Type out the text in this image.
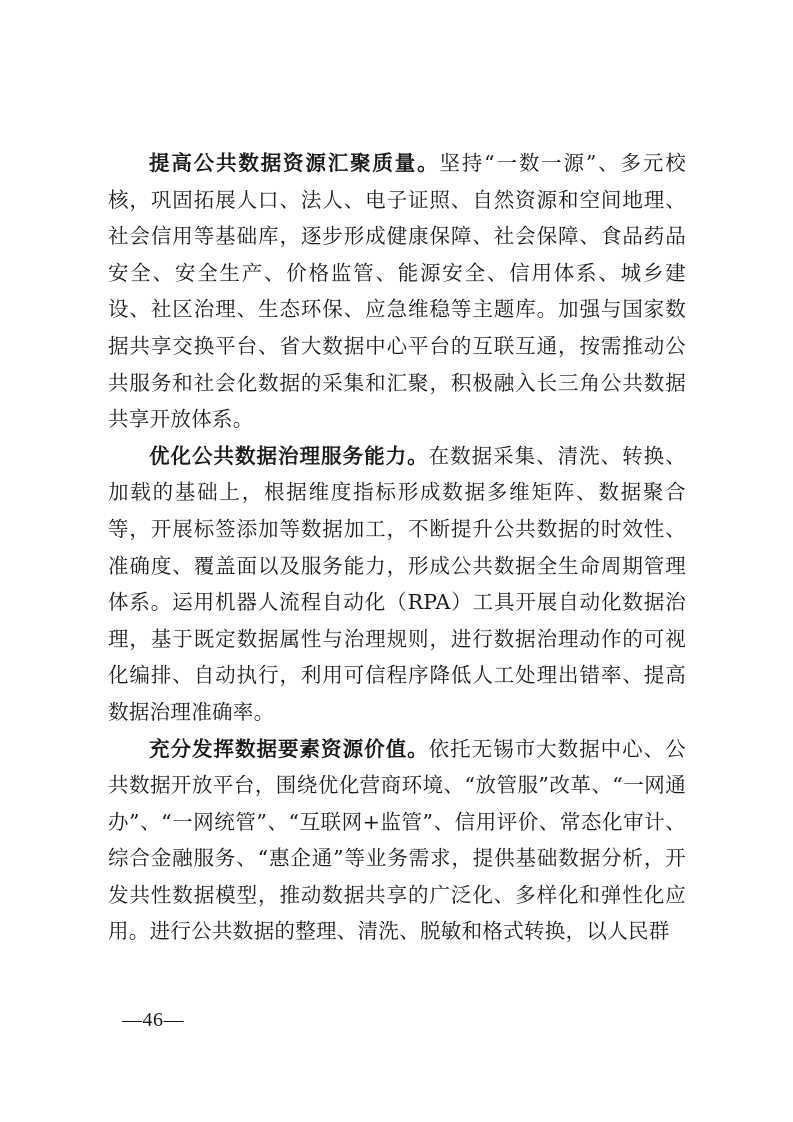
提高公共数据资源汇聚质量。坚持“一数一源”、多元校核，巩固拓展人口、法人、电子证照、自然资源和空间地理、社会信用等基础库，逐步形成健康保障、社会保障、食品药品安全、安全生产、价格监管、能源安全、信用体系、城乡建设、社区治理、生态环保、应急维稳等主题库。加强与国家数据共享交换平台、省大数据中心平台的互联互通，按需推动公共服务和社会化数据的采集和汇聚，积极融入长三角公共数据共享开放体系。

优化公共数据治理服务能力。在数据采集、清洗、转换、加载的基础上，根据维度指标形成数据多维矩阵、数据聚合等，开展标签添加等数据加工，不断提升公共数据的时效性、准确度、覆盖面以及服务能力，形成公共数据全生命周期管理体系。运用机器人流程自动化（RPA）工具开展自动化数据治理，基于既定数据属性与治理规则，进行数据治理动作的可视化编排、自动执行，利用可信程序降低人工处理出错率、提高数据治理准确率。

充分发挥数据要素资源价值。依托无锡市大数据中心、公共数据开放平台，围绕优化营商环境、“放管服”改革、“一网通办”、“一网统管”、“互联网+监管”、信用评价、常态化审计、综合金融服务、“惠企通”等业务需求，提供基础数据分析，开发共性数据模型，推动数据共享的广泛化、多样化和弹性化应用。进行公共数据的整理、清洗、脱敏和格式转换，以人民群

—46—
